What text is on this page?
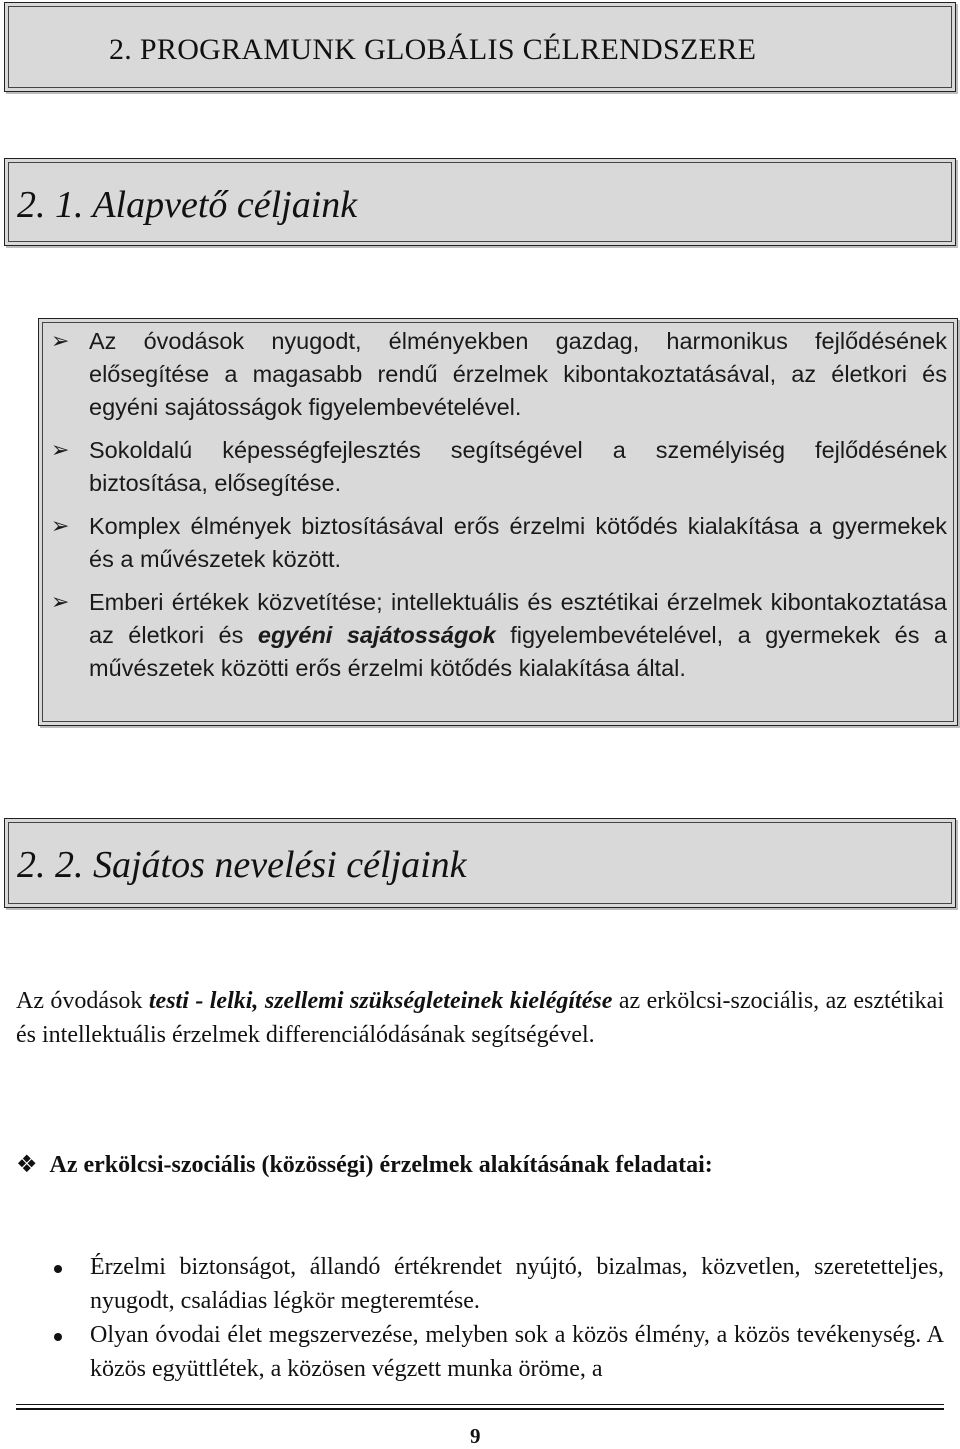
2. PROGRAMUNK GLOBÁLIS CÉLRENDSZERE
2. 1. Alapvető céljaink
➢ Az óvodások nyugodt, élményekben gazdag, harmonikus fejlődésének elősegítése a magasabb rendű érzelmek kibontakoztatásával, az életkori és egyéni sajátosságok figyelembevételével.
➢ Sokoldalú képességfejlesztés segítségével a személyiség fejlődésének biztosítása, elősegítése.
➢ Komplex élmények biztosításával erős érzelmi kötődés kialakítása a gyermekek és a művészetek között.
➢ Emberi értékek közvetítése; intellektuális és esztétikai érzelmek kibontakoztatása az életkori és egyéni sajátosságok figyelembevételével, a gyermekek és a művészetek közötti erős érzelmi kötődés kialakítása által.
2. 2. Sajátos nevelési céljaink
Az óvodások testi - lelki, szellemi szükségleteinek kielégítése az erkölcsi-szociális, az esztétikai és intellektuális érzelmek differenciálódásának segítségével.
❖ Az erkölcsi-szociális (közösségi) érzelmek alakításának feladatai:
Érzelmi biztonságot, állandó értékrendet nyújtó, bizalmas, közvetlen, szeretetteljes, nyugodt, családias légkör megteremtése.
Olyan óvodai élet megszervezése, melyben sok a közös élmény, a közös tevékenység. A közös együttlétek, a közösen végzett munka öröme, a
9
